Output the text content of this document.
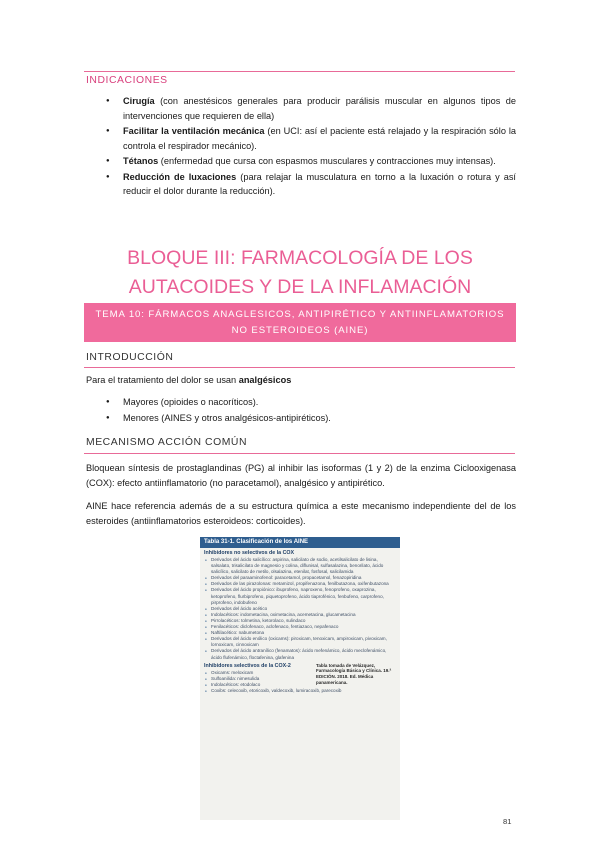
INDICACIONES
● Cirugía (con anestésicos generales para producir parálisis muscular en algunos tipos de intervenciones que requieren de ella)
● Facilitar la ventilación mecánica (en UCI: así el paciente está relajado y la respiración sólo la controla el respirador mecánico).
● Tétanos (enfermedad que cursa con espasmos musculares y contracciones muy intensas).
● Reducción de luxaciones (para relajar la musculatura en torno a la luxación o rotura y así reducir el dolor durante la reducción).
BLOQUE III: FARMACOLOGÍA DE LOS
AUTACOIDES Y DE LA INFLAMACIÓN
TEMA 10: FÁRMACOS ANAGLESICOS, ANTIPIRÉTICO Y ANTIINFLAMATORIOS
NO ESTEROIDEOS (AINE)
INTRODUCCIÓN
Para el tratamiento del dolor se usan analgésicos
● Mayores (opioides o nacoríticos).
● Menores (AINES y otros analgésicos-antipiréticos).
MECANISMO ACCIÓN COMÚN
Bloquean síntesis de prostaglandinas (PG) al inhibir las isoformas (1 y 2) de la enzima Ciclooxigenasa (COX): efecto antiinflamatorio (no paracetamol), analgésico y antipirético.
AINE hace referencia además de a su estructura química a este mecanismo independiente del de los esteroides (antiinflamatorios esteroideos: corticoides).
Tabla 31-1. Clasificación de los AINE
Inhibidores no selectivos de la COX
● Derivados del ácido salicílico: aspirina, salicilato de sodio, acetilsalicilato de lisina, salsalato, trisalicilato de magnesio y colina, diflunisal, sulfasalazina, benorilato, ácido salicílico, salicilato de metilo, olsalazina, etenilat, fosfosal, salicilamida
● Derivados del paraaminofenol: paracetamol, propacetamol, fenazopiridina
● Derivados de las pirazolonas: metamizol, propifenazona, fenilbutazona, oxifenbutazona
● Derivados del ácido propiónico: ibuprofeno, naproxeno, fenoprofeno, oxaprozina, ketoprofeno, flurbiprofeno, piquetoprofeno, ácido tiaprofénico, fenbufeno, carprofeno, pirprofeno, indobufeno
● Derivados del ácido acético
● Indolacéticos: indometacina, oximetacina, acemetacina, glucametacina
● Pirrolacéticos: tolmetina, ketorolaco, sulindaco
● Fenilacéticos: diclofenaco, aclofenaco, fentiazaco, nepafenaco
● Naftilacético: nabumetona
● Derivados del ácido enólico (oxicams): piroxicam, tenoxicam, ampiroxicam, pivoxicam, lornoxicam, cinnoxicam
● Derivados del ácido antranílico (fenamatos): ácido mefenámico, ácido meclofenámico, ácido flufenámico, floctafenina, glafenina
Inhibidores selectivos de la COX-2	Tabla tomada de Velázquez, Farmacología Básica y Clínica. 19.ª EDICIÓN. 2018. Ed. Médica panamericana.
● Oxicams: meloxicam
● Sulfoanilida: nimesulida
● Indolacéticos: etodolaco
● Coxibs: celecoxib, etoricoxib, valdecoxib, lumiracoxib, parecoxib
81
